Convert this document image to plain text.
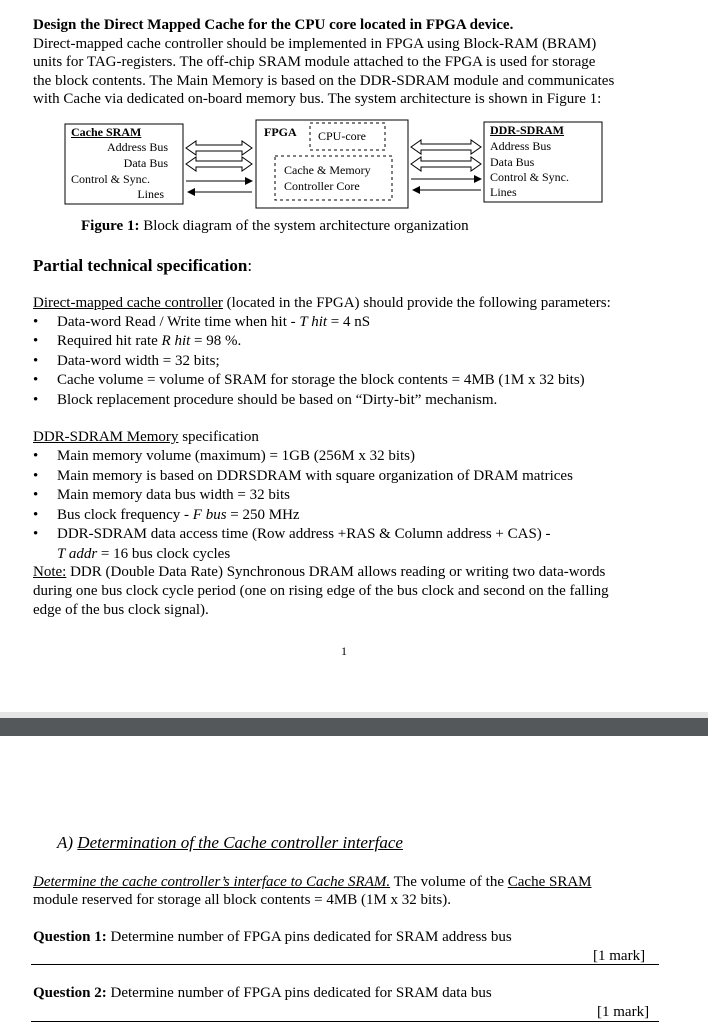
Design the Direct Mapped Cache for the CPU core located in FPGA device.
Direct-mapped cache controller should be implemented in FPGA using Block-RAM (BRAM)
units for TAG-registers. The off-chip SRAM module attached to the FPGA is used for storage
the block contents. The Main Memory is based on the DDR-SDRAM module and communicates
with Cache via dedicated on-board memory bus. The system architecture is shown in Figure 1:
Cache SRAM
Address Bus
Data Bus
Control & Sync.
Lines
FPGA CPU-core
Cache & Memory
Controller Core
DDR-SDRAM
Address Bus
Data Bus
Control & Sync.
Lines
Figure 1: Block diagram of the system architecture organization
Partial technical specification:
Direct-mapped cache controller (located in the FPGA) should provide the following parameters:
• Data-word Read / Write time when hit - T hit = 4 nS
• Required hit rate R hit = 98 %.
• Data-word width = 32 bits;
• Cache volume = volume of SRAM for storage the block contents = 4MB (1M x 32 bits)
• Block replacement procedure should be based on “Dirty-bit” mechanism.
DDR-SDRAM Memory specification
• Main memory volume (maximum) = 1GB (256M x 32 bits)
• Main memory is based on DDRSDRAM with square organization of DRAM matrices
• Main memory data bus width = 32 bits
• Bus clock frequency - F bus = 250 MHz
• DDR-SDRAM data access time (Row address +RAS & Column address + CAS) -
T addr = 16 bus clock cycles
Note: DDR (Double Data Rate) Synchronous DRAM allows reading or writing two data-words
during one bus clock cycle period (one on rising edge of the bus clock and second on the falling
edge of the bus clock signal).
1
A) Determination of the Cache controller interface
Determine the cache controller’s interface to Cache SRAM. The volume of the Cache SRAM
module reserved for storage all block contents = 4MB (1M x 32 bits).
Question 1: Determine number of FPGA pins dedicated for SRAM address bus
[1 mark]
Question 2: Determine number of FPGA pins dedicated for SRAM data bus
[1 mark]
